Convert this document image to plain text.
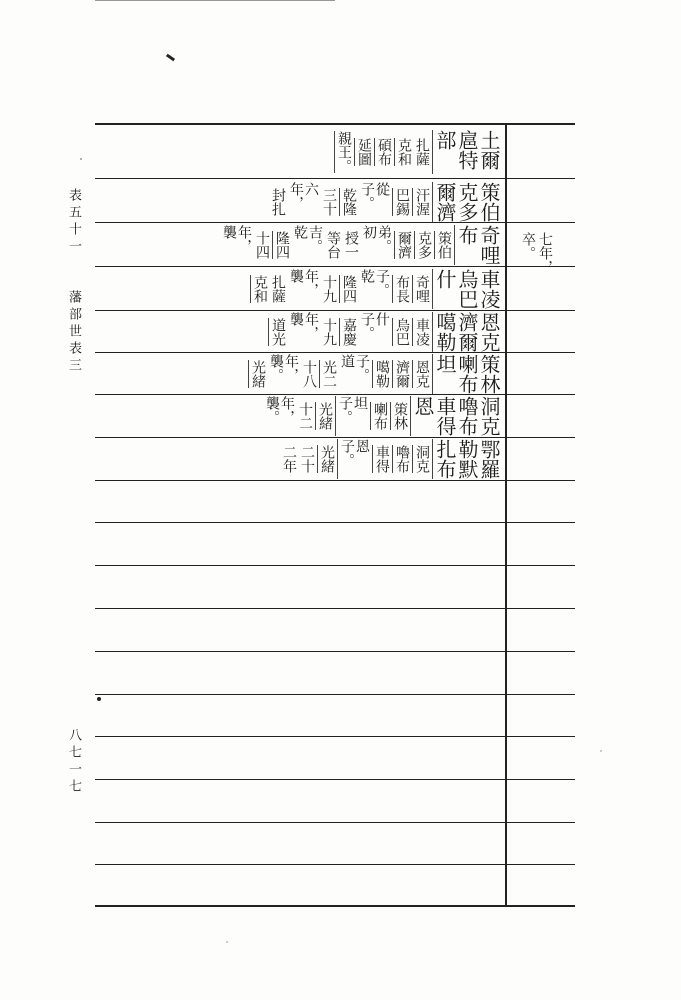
表五十一
藩部世表三
八七一七
土爾扈特部
扎薩
克和
碩布
延圖
親王。
策伯克多爾濟
汗渥
巴錫
從子。
乾隆
三十
六年，
封扎
奇哩布
策伯
克多
爾濟
弟。初
授一
等台
吉。乾
隆四
十四
年，襲
車凌烏巴什
奇哩
布長
子。乾
隆四
十九
年，襲
扎薩
克和
恩克濟爾噶勒
車凌
烏巴
什子。
嘉慶
十九
年，襲
道光
策林喇布坦
恩克
濟爾
噶勒
子。道
光二
十八
年，襲。
光緒
洞克嚕布車得恩
策林
喇布
坦子。
光緒
十二
年，襲。
鄂羅勒默扎布
洞克
嚕布
車得
恩子。
光緒
二十
二年
七年，
卒。
